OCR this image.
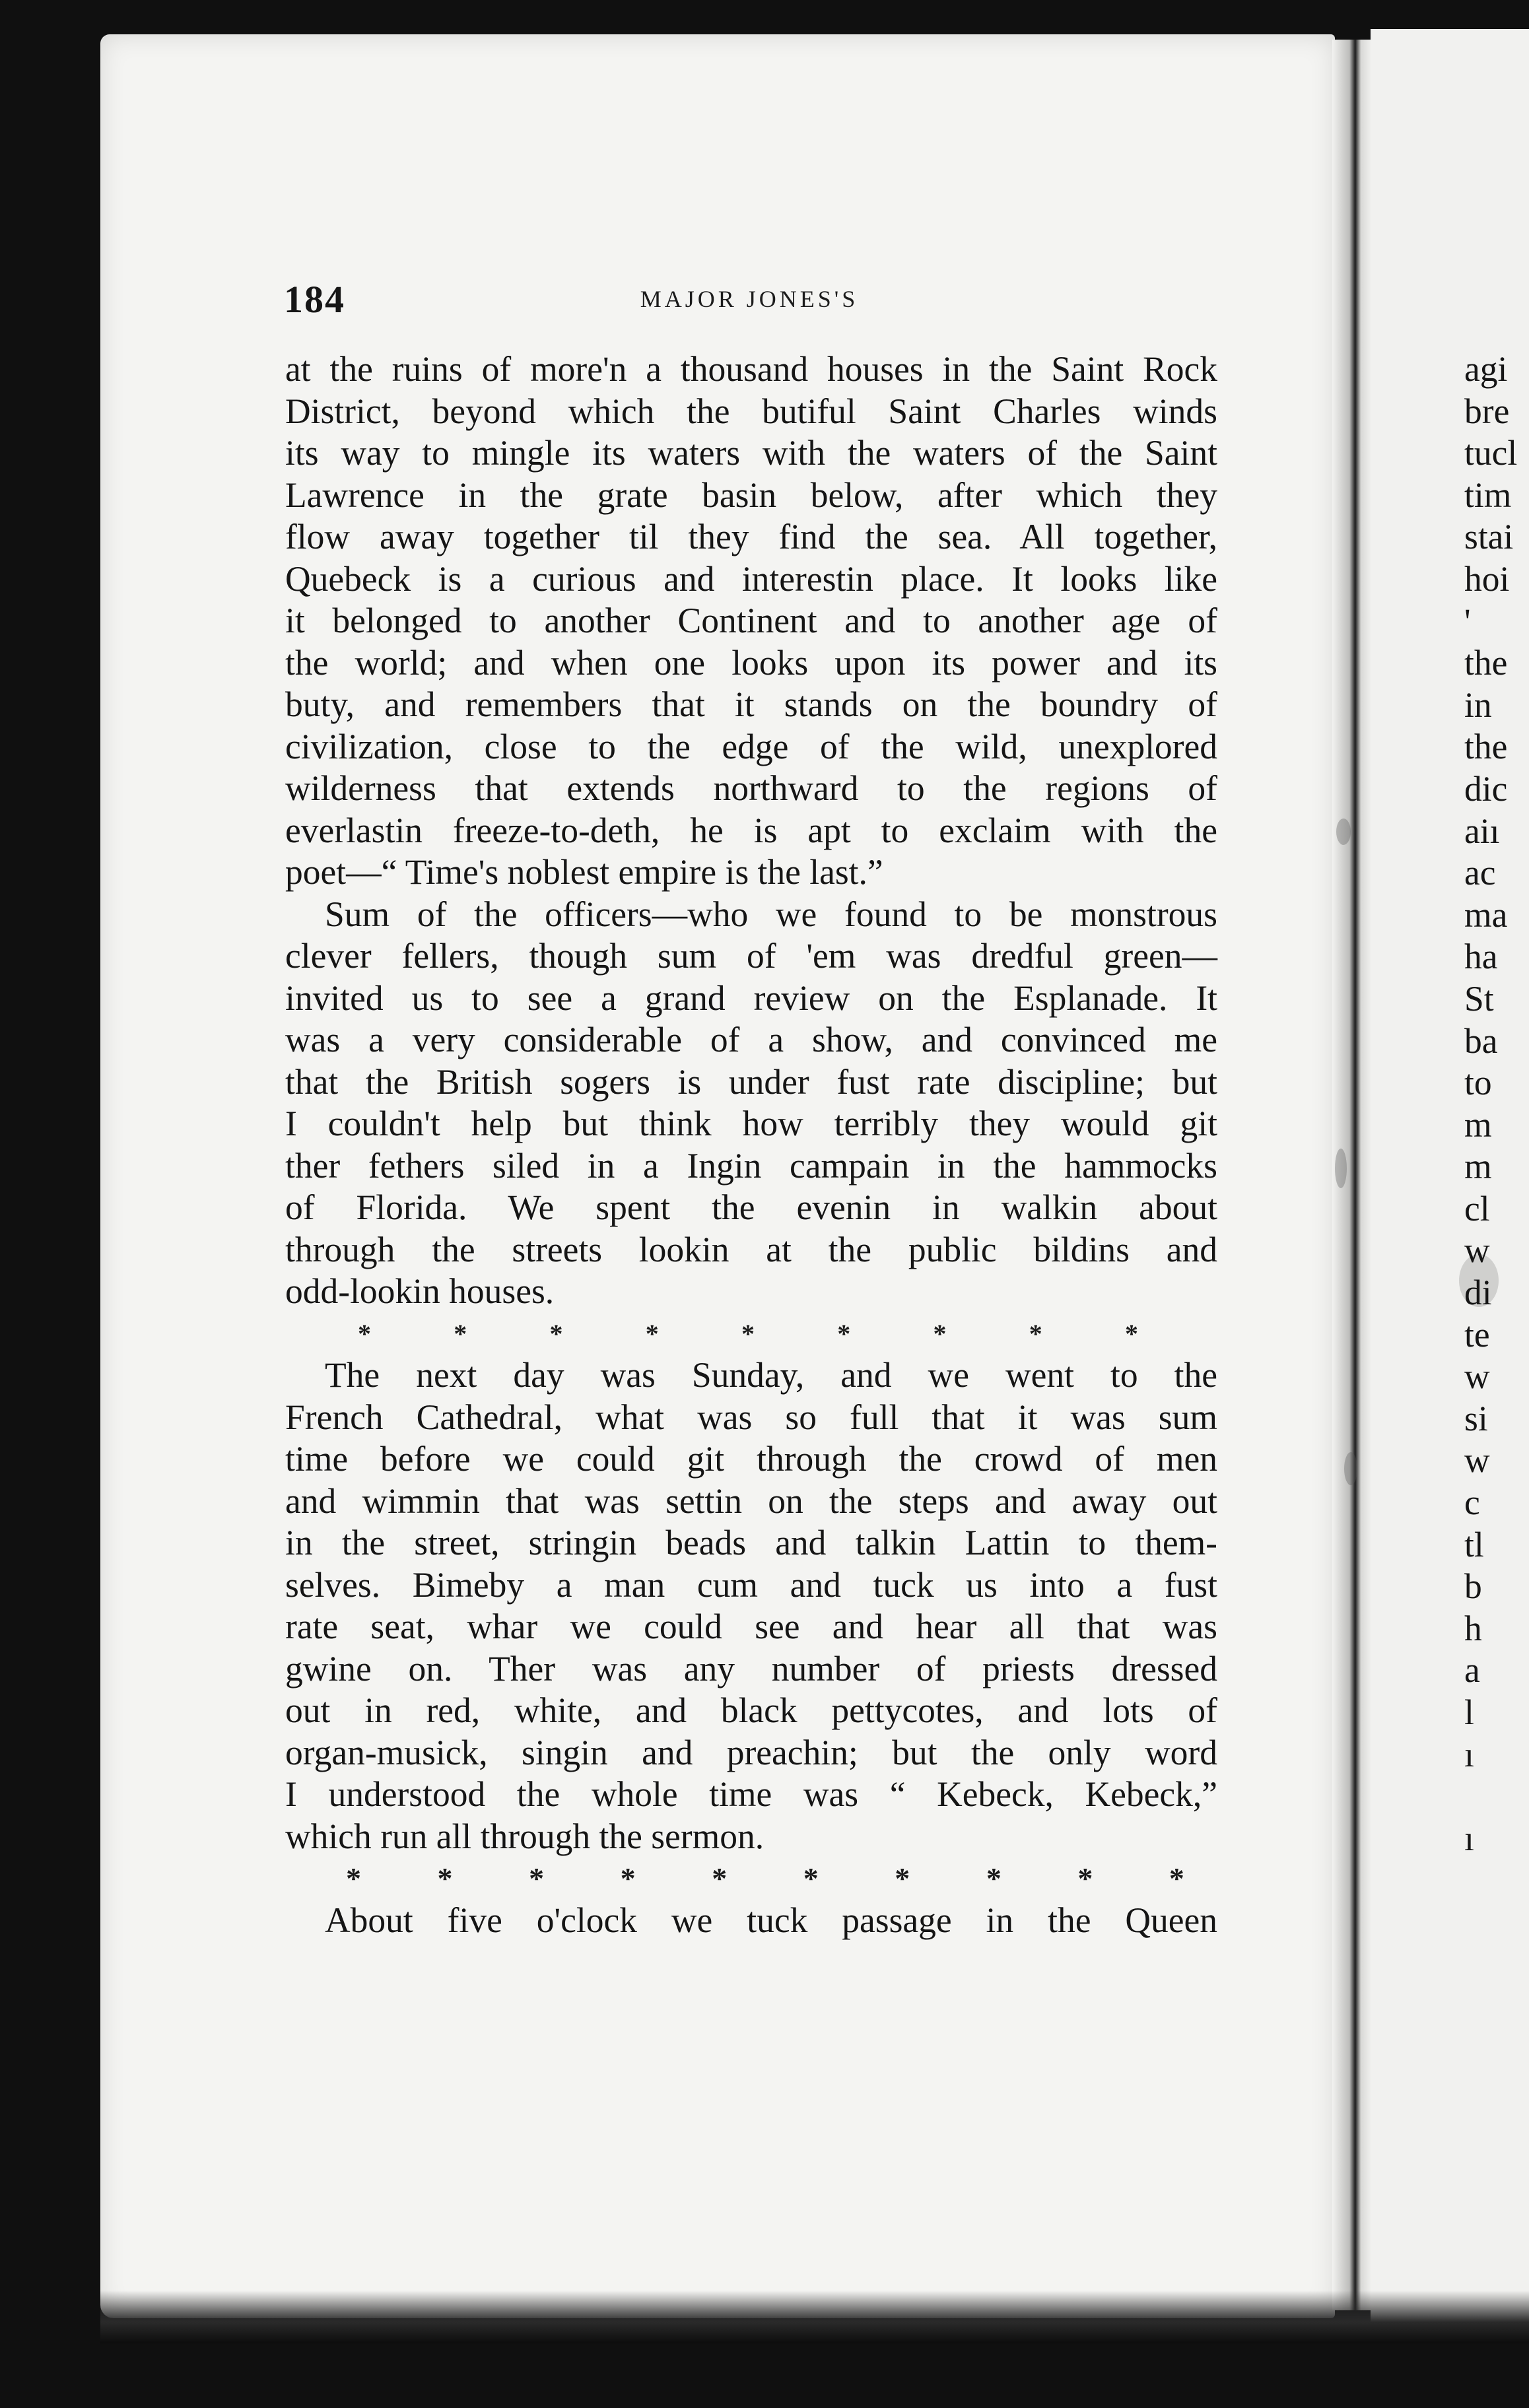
184	MAJOR JONES'S
at the ruins of more'n a thousand houses in the Saint Rock
District, beyond which the butiful Saint Charles winds
its way to mingle its waters with the waters of the Saint
Lawrence in the grate basin below, after which they
flow away together til they find the sea. All together,
Quebeck is a curious and interestin place. It looks like
it belonged to another Continent and to another age of
the world; and when one looks upon its power and its
buty, and remembers that it stands on the boundry of
civilization, close to the edge of the wild, unexplored
wilderness that extends northward to the regions of
everlastin freeze-to-deth, he is apt to exclaim with the
poet—“ Time's noblest empire is the last.”
Sum of the officers—who we found to be monstrous
clever fellers, though sum of 'em was dredful green—
invited us to see a grand review on the Esplanade. It
was a very considerable of a show, and convinced me
that the British sogers is under fust rate discipline; but
I couldn't help but think how terribly they would git
ther fethers siled in a Ingin campain in the hammocks
of Florida. We spent the evenin in walkin about
through the streets lookin at the public bildins and
odd-lookin houses.
*	*	*	*	*	*	*	*	*
The next day was Sunday, and we went to the
French Cathedral, what was so full that it was sum
time before we could git through the crowd of men
and wimmin that was settin on the steps and away out
in the street, stringin beads and talkin Lattin to them-
selves. Bimeby a man cum and tuck us into a fust
rate seat, whar we could see and hear all that was
gwine on. Ther was any number of priests dressed
out in red, white, and black pettycotes, and lots of
organ-musick, singin and preachin; but the only word
I understood the whole time was “ Kebeck, Kebeck,”
which run all through the sermon.
*	*	*	*	*	*	*	*	*	*
About five o'clock we tuck passage in the Queen
agi
bre
tucl
tim
stai
hoi
'
the
in
the
dic
aiı
ac
ma
ha
St
ba
to
m
m
cl
w
di
te
w
si
w
c
tl
b
h
a
l
ı

ı
